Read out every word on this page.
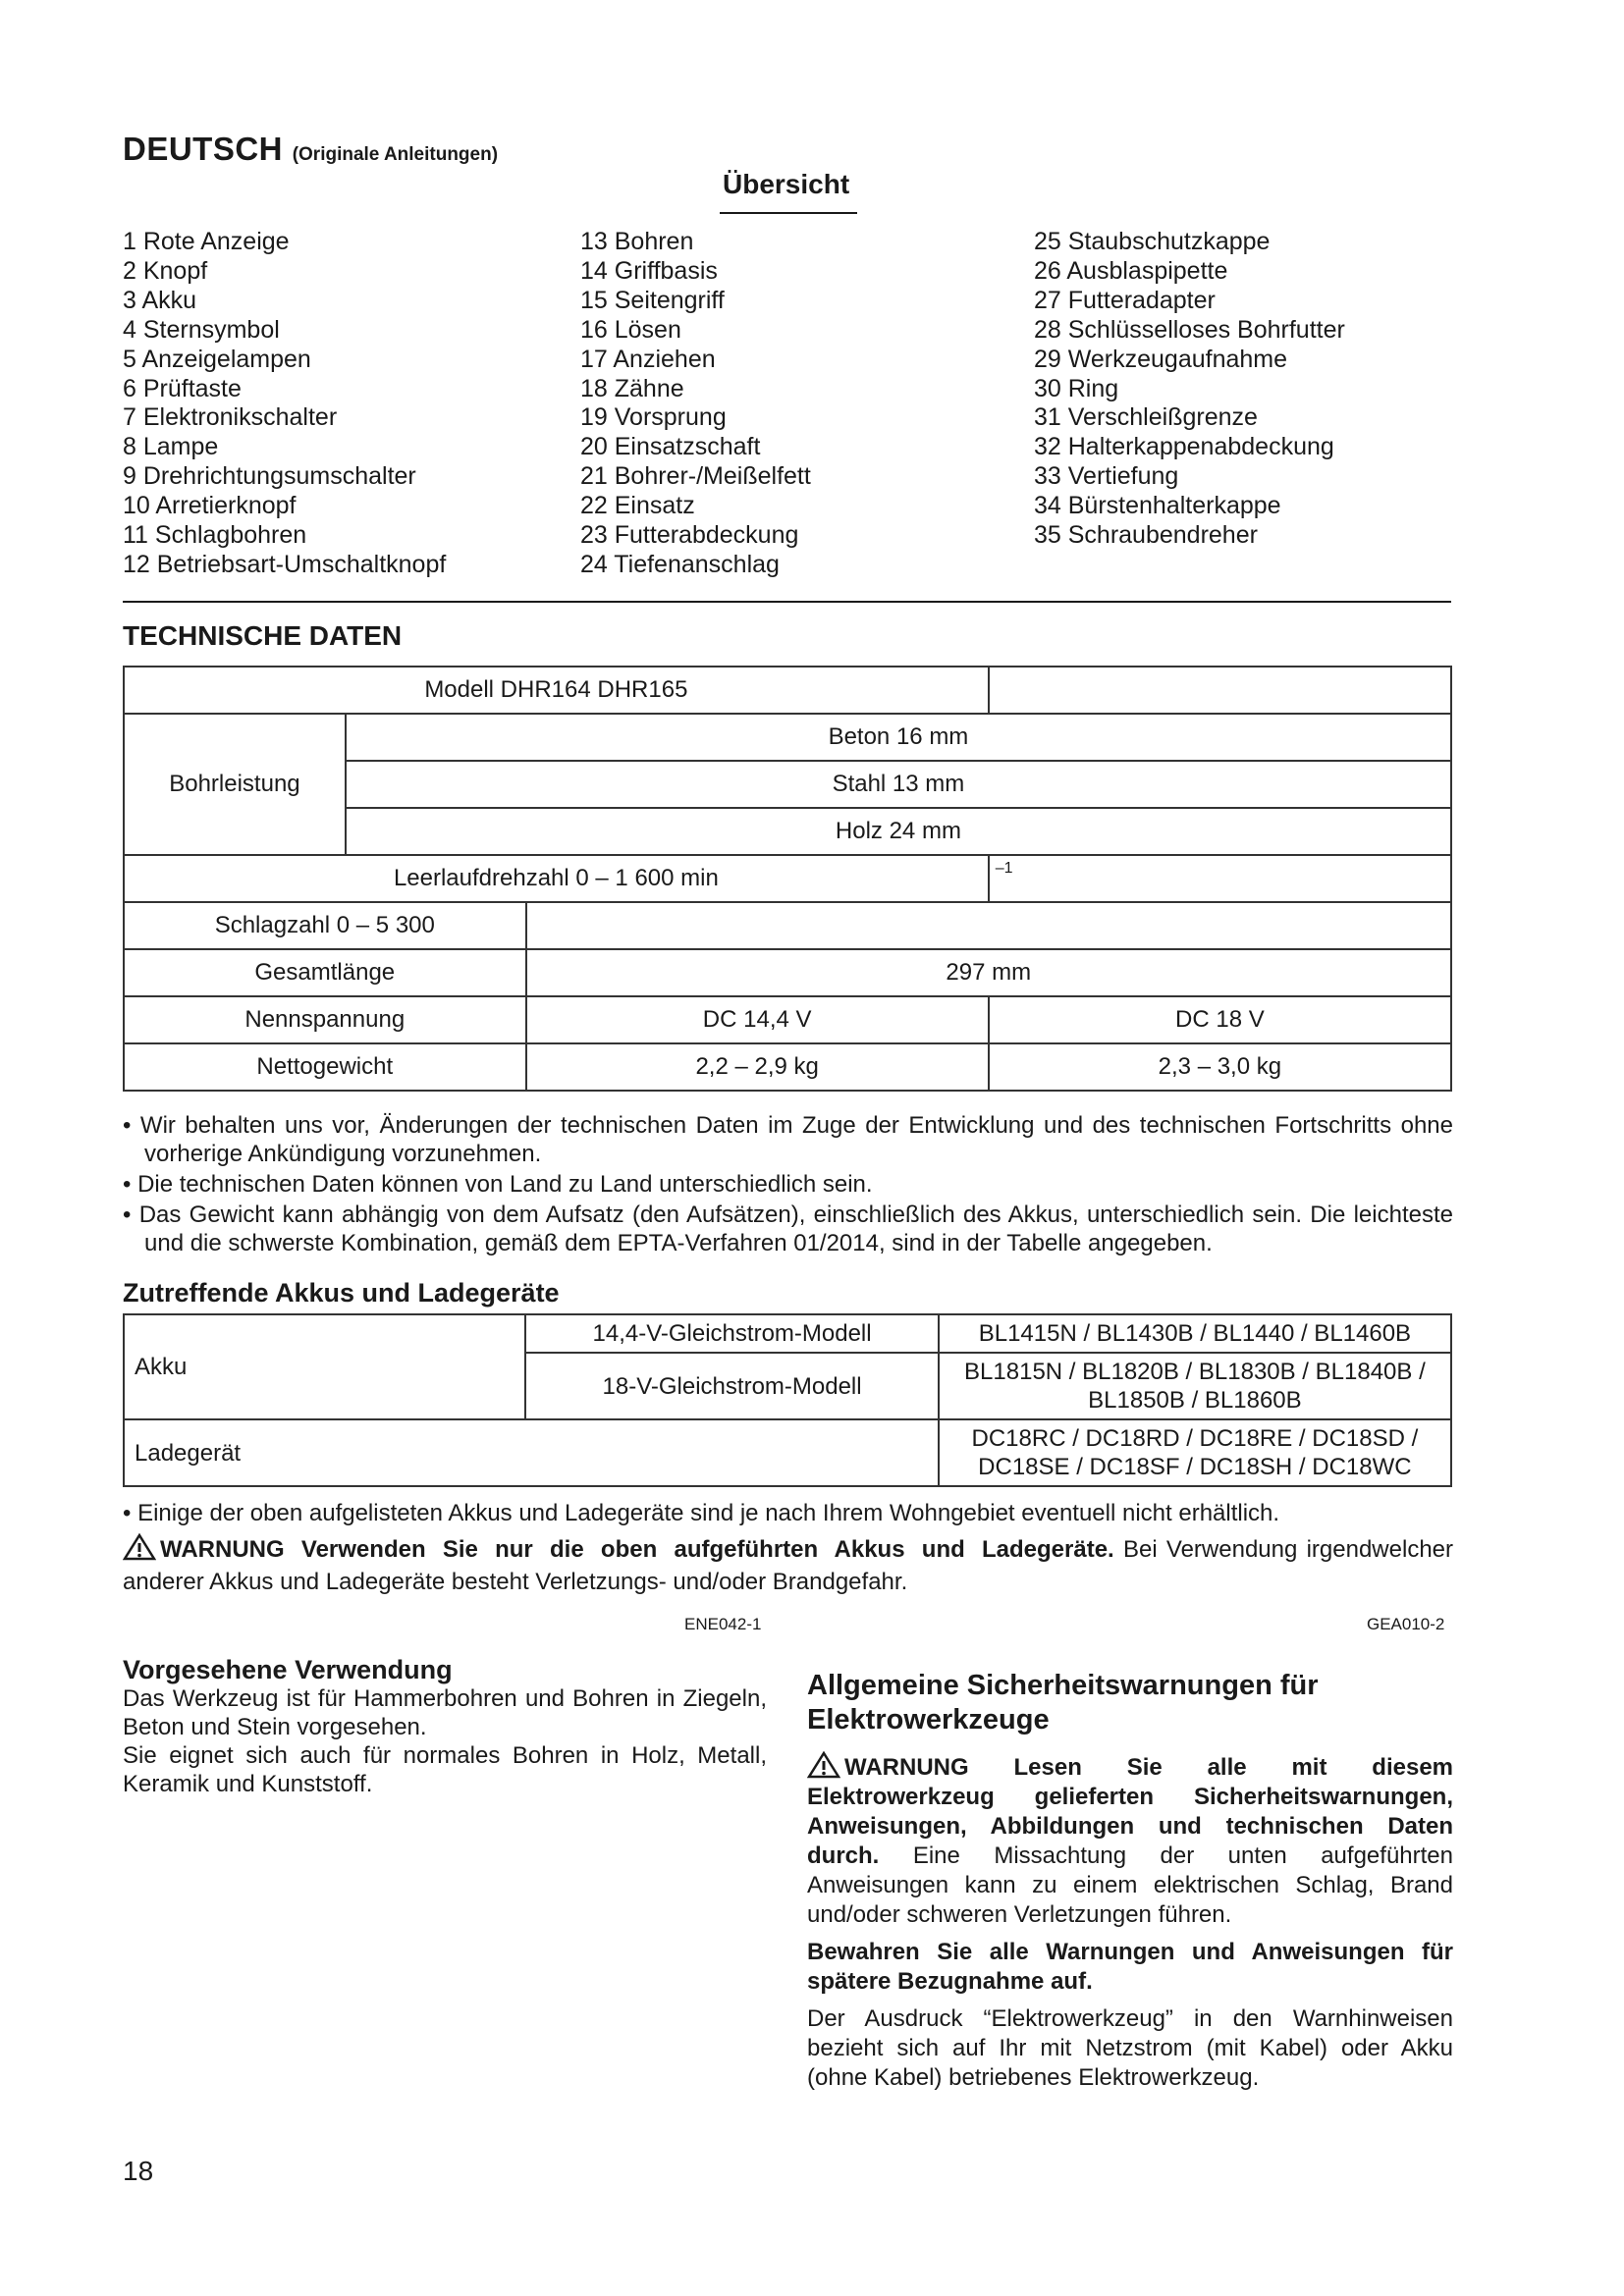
DEUTSCH (Originale Anleitungen)
Übersicht
1 Rote Anzeige
2 Knopf
3 Akku
4 Sternsymbol
5 Anzeigelampen
6 Prüftaste
7 Elektronikschalter
8 Lampe
9 Drehrichtungsumschalter
10 Arretierknopf
11 Schlagbohren
12 Betriebsart-Umschaltknopf
13 Bohren
14 Griffbasis
15 Seitengriff
16 Lösen
17 Anziehen
18 Zähne
19 Vorsprung
20 Einsatzschaft
21 Bohrer-/Meißelfett
22 Einsatz
23 Futterabdeckung
24 Tiefenanschlag
25 Staubschutzkappe
26 Ausblaspipette
27 Futteradapter
28 Schlüsselloses Bohrfutter
29 Werkzeugaufnahme
30 Ring
31 Verschleißgrenze
32 Halterkappenabdeckung
33 Vertiefung
34 Bürstenhalterkappe
35 Schraubendreher
TECHNISCHE DATEN
Modell DHR164 DHR165			
Bohrleistung	Beton 16 mm		
	Stahl 13 mm		
	Holz 24 mm		
Leerlaufdrehzahl 0 – 1 600 min			–1
Schlagzahl 0 – 5 300			
Gesamtlänge		297 mm	
Nennspannung		DC 14,4 V	DC 18 V
Nettogewicht		2,2 – 2,9 kg	2,3 – 3,0 kg
• Wir behalten uns vor, Änderungen der technischen Daten im Zuge der Entwicklung und des technischen Fortschritts ohne vorherige Ankündigung vorzunehmen.
• Die technischen Daten können von Land zu Land unterschiedlich sein.
• Das Gewicht kann abhängig von dem Aufsatz (den Aufsätzen), einschließlich des Akkus, unterschiedlich sein. Die leichteste und die schwerste Kombination, gemäß dem EPTA-Verfahren 01/2014, sind in der Tabelle angegeben.
Zutreffende Akkus und Ladegeräte
Akku	14,4-V-Gleichstrom-Modell	BL1415N / BL1430B / BL1440 / BL1460B
	18-V-Gleichstrom-Modell	BL1815N / BL1820B / BL1830B / BL1840B / BL1850B / BL1860B
Ladegerät		DC18RC / DC18RD / DC18RE / DC18SD / DC18SE / DC18SF / DC18SH / DC18WC
• Einige der oben aufgelisteten Akkus und Ladegeräte sind je nach Ihrem Wohngebiet eventuell nicht erhältlich.
WARNUNG Verwenden Sie nur die oben aufgeführten Akkus und Ladegeräte. Bei Verwendung irgendwelcher anderer Akkus und Ladegeräte besteht Verletzungs- und/oder Brandgefahr.
ENE042-1	GEA010-2
Vorgesehene Verwendung

Das Werkzeug ist für Hammerbohren und Bohren in Ziegeln, Beton und Stein vorgesehen.

Sie eignet sich auch für normales Bohren in Holz, Metall, Keramik und Kunststoff.

Allgemeine Sicherheitswarnungen für Elektrowerkzeuge

WARNUNG Lesen Sie alle mit diesem Elektrowerkzeug gelieferten Sicherheitswarnungen, Anweisungen, Abbildungen und technischen Daten durch. Eine Missachtung der unten aufgeführten Anweisungen kann zu einem elektrischen Schlag, Brand und/oder schweren Verletzungen führen.

Bewahren Sie alle Warnungen und Anweisungen für spätere Bezugnahme auf.

Der Ausdruck “Elektrowerkzeug” in den Warnhinweisen bezieht sich auf Ihr mit Netzstrom (mit Kabel) oder Akku (ohne Kabel) betriebenes Elektrowerkzeug.

18
